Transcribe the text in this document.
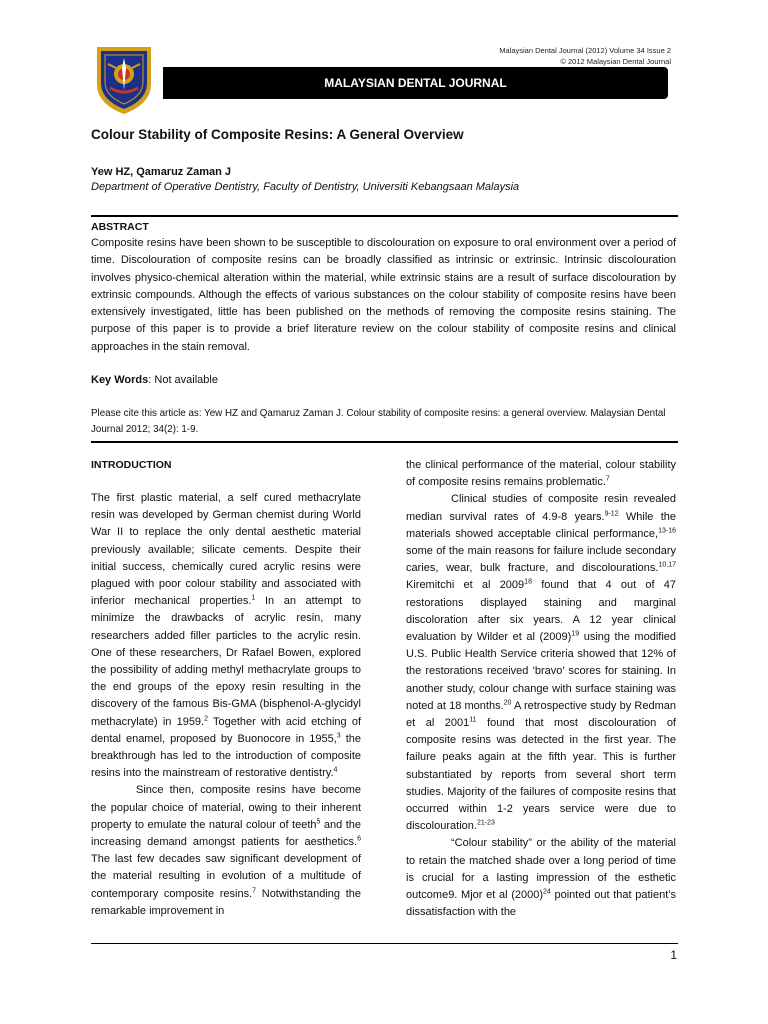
Malaysian Dental Journal (2012) Volume 34 Issue 2
© 2012 Malaysian Dental Journal
MALAYSIAN DENTAL JOURNAL
Colour Stability of Composite Resins: A General Overview
Yew HZ, Qamaruz Zaman J
Department of Operative Dentistry, Faculty of Dentistry, Universiti Kebangsaan Malaysia
ABSTRACT
Composite resins have been shown to be susceptible to discolouration on exposure to oral environment over a period of time. Discolouration of composite resins can be broadly classified as intrinsic or extrinsic. Intrinsic discolouration involves physico-chemical alteration within the material, while extrinsic stains are a result of surface discolouration by extrinsic compounds. Although the effects of various substances on the colour stability of composite resins have been extensively investigated, little has been published on the methods of removing the composite resins staining. The purpose of this paper is to provide a brief literature review on the colour stability of composite resins and clinical approaches in the stain removal.
Key Words: Not available
Please cite this article as: Yew HZ and Qamaruz Zaman J. Colour stability of composite resins: a general overview. Malaysian Dental Journal 2012; 34(2): 1-9.
INTRODUCTION

The first plastic material, a self cured methacrylate resin was developed by German chemist during World War II to replace the only dental aesthetic material previously available; silicate cements. Despite their initial success, chemically cured acrylic resins were plagued with poor colour stability and associated with inferior mechanical properties.$^1$ In an attempt to minimize the drawbacks of acrylic resin, many researchers added filler particles to the acrylic resin. One of these researchers, Dr Rafael Bowen, explored the possibility of adding methyl methacrylate groups to the end groups of the epoxy resin resulting in the discovery of the famous Bis-GMA (bisphenol-A-glycidyl methacrylate) in 1959.$^2$ Together with acid etching of dental enamel, proposed by Buonocore in 1955,$^3$ the breakthrough has led to the introduction of composite resins into the mainstream of restorative dentistry.$^4$

Since then, composite resins have become the popular choice of material, owing to their inherent property to emulate the natural colour of teeth$^5$ and the increasing demand amongst patients for aesthetics.$^6$ The last few decades saw significant development of the material resulting in evolution of a multitude of contemporary composite resins.$^7$ Notwithstanding the remarkable improvement in

the clinical performance of the material, colour stability of composite resins remains problematic.$^7$

Clinical studies of composite resin revealed median survival rates of 4.9-8 years.$^{9-12}$ While the materials showed acceptable clinical performance,$^{13-16}$ some of the main reasons for failure include secondary caries, wear, bulk fracture, and discolourations.$^{10,17}$ Kiremitchi et al 2009$^{18}$ found that 4 out of 47 restorations displayed staining and marginal discoloration after six years. A 12 year clinical evaluation by Wilder et al $(2009)^{19}$ using the modified U.S. Public Health Service criteria showed that 12% of the restorations received ‘bravo’ scores for staining. In another study, colour change with surface staining was noted at 18 months.$^{20}$ A retrospective study by Redman et al 2001$^{11}$ found that most discolouration of composite resins was detected in the first year. The failure peaks again at the fifth year. This is further substantiated by reports from several short term studies. Majority of the failures of composite resins that occurred within 1-2 years service were due to discolouration.$^{21-23}$

“Colour stability” or the ability of the material to retain the matched shade over a long period of time is crucial for a lasting impression of the esthetic outcome9. Mjor et al $(2000)^{24}$ pointed out that patient’s dissatisfaction with the

1
